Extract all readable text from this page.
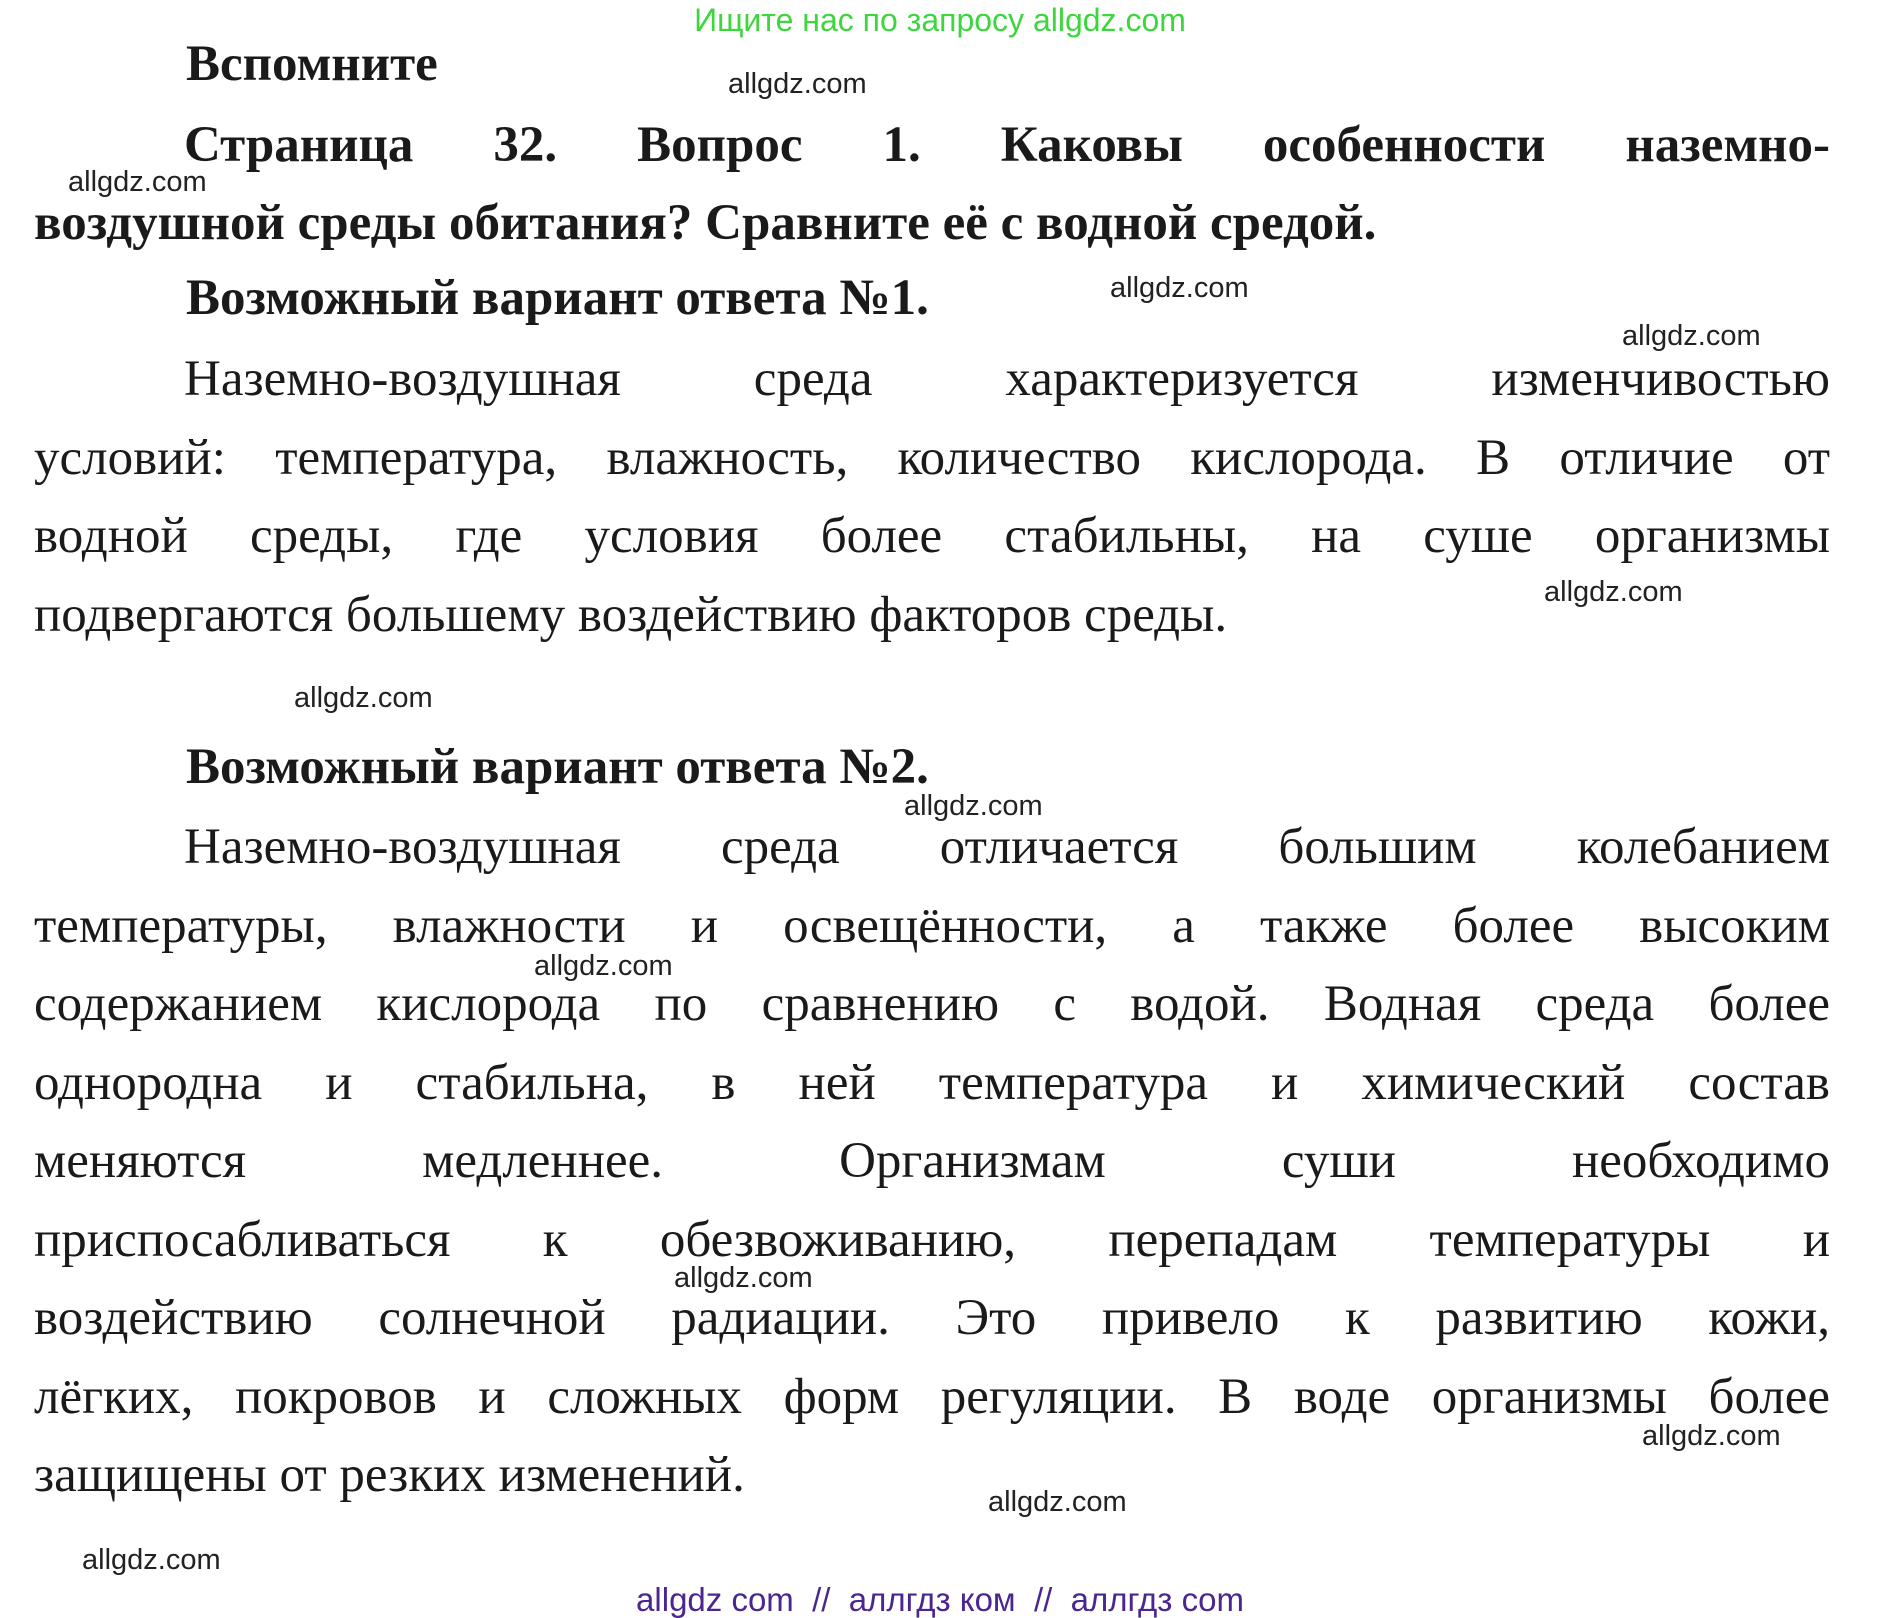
Ищите нас по запросу allgdz.com
Вспомните
Страница 32. Вопрос 1. Каковы особенности наземно-
воздушной среды обитания? Сравните её с водной средой.
Возможный вариант ответа №1.
Наземно-воздушная среда характеризуется изменчивостью
условий: температура, влажность, количество кислорода. В отличие от
водной среды, где условия более стабильны, на суше организмы
подвергаются большему воздействию факторов среды.
Возможный вариант ответа №2.
Наземно-воздушная среда отличается большим колебанием
температуры, влажности и освещённости, а также более высоким
содержанием кислорода по сравнению с водой. Водная среда более
однородна и стабильна, в ней температура и химический состав
меняются медленнее. Организмам суши необходимо
приспосабливаться к обезвоживанию, перепадам температуры и
воздействию солнечной радиации. Это привело к развитию кожи,
лёгких, покровов и сложных форм регуляции. В воде организмы более
защищены от резких изменений.
allgdz.com
allgdz.com
allgdz.com
allgdz.com
allgdz.com
allgdz.com
allgdz.com
allgdz.com
allgdz.com
allgdz.com
allgdz.com
allgdz.com
allgdz com  //  аллгдз ком  //  аллгдз com
